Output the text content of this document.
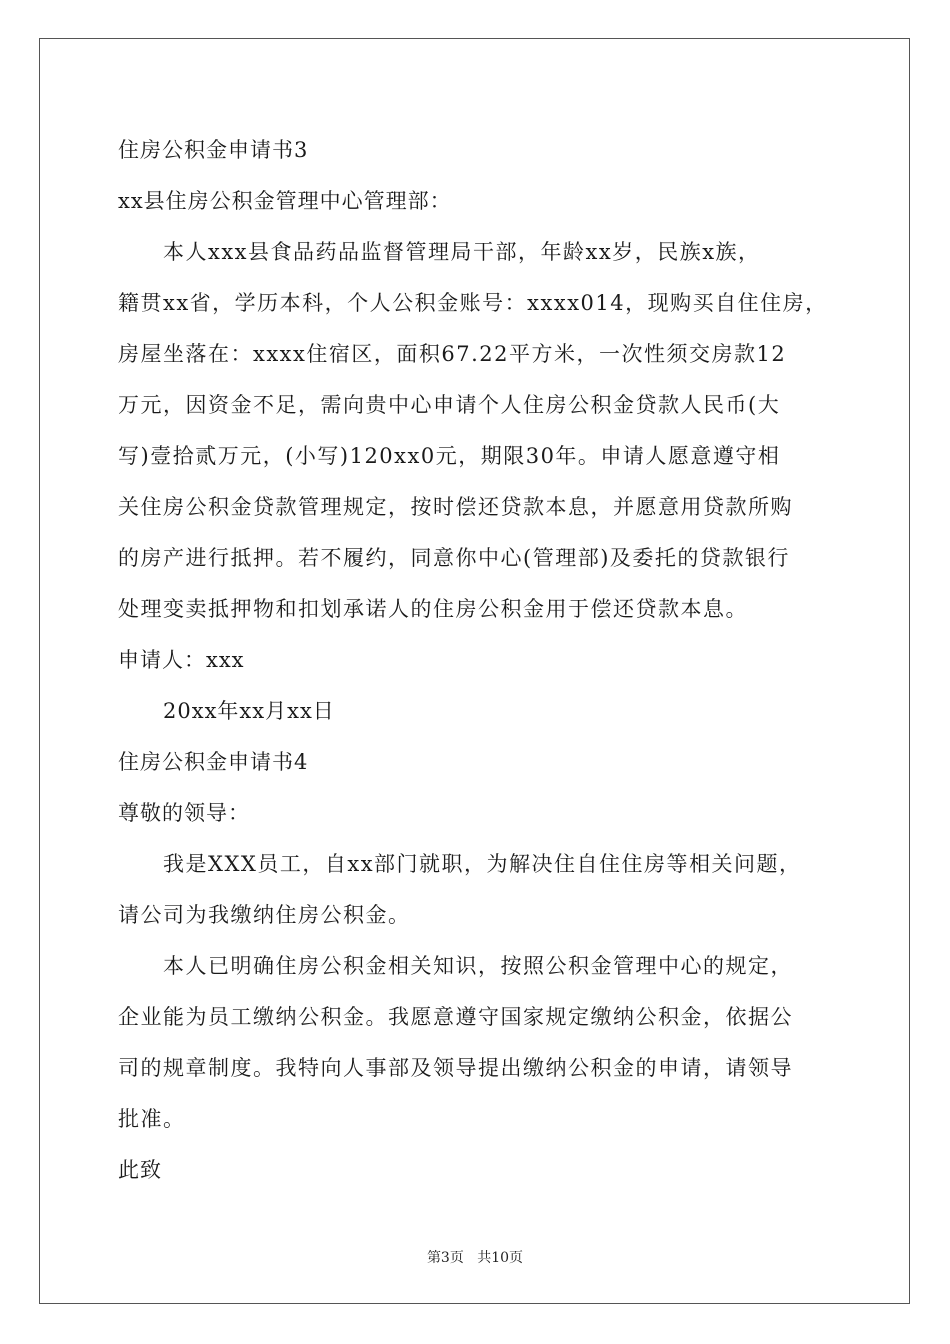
住房公积金申请书3
xx县住房公积金管理中心管理部：
本人xxx县食品药品监督管理局干部，年龄xx岁，民族x族，
籍贯xx省，学历本科，个人公积金账号：xxxx014，现购买自住住房，
房屋坐落在：xxxx住宿区，面积67.22平方米，一次性须交房款12
万元，因资金不足，需向贵中心申请个人住房公积金贷款人民币(大
写)壹拾贰万元，(小写)120xx0元，期限30年。申请人愿意遵守相
关住房公积金贷款管理规定，按时偿还贷款本息，并愿意用贷款所购
的房产进行抵押。若不履约，同意你中心(管理部)及委托的贷款银行
处理变卖抵押物和扣划承诺人的住房公积金用于偿还贷款本息。
申请人：xxx
20xx年xx月xx日
住房公积金申请书4
尊敬的领导：
我是XXX员工，自xx部门就职，为解决住自住住房等相关问题，
请公司为我缴纳住房公积金。
本人已明确住房公积金相关知识，按照公积金管理中心的规定，
企业能为员工缴纳公积金。我愿意遵守国家规定缴纳公积金，依据公
司的规章制度。我特向人事部及领导提出缴纳公积金的申请，请领导
批准。
此致
第3页 共10页
